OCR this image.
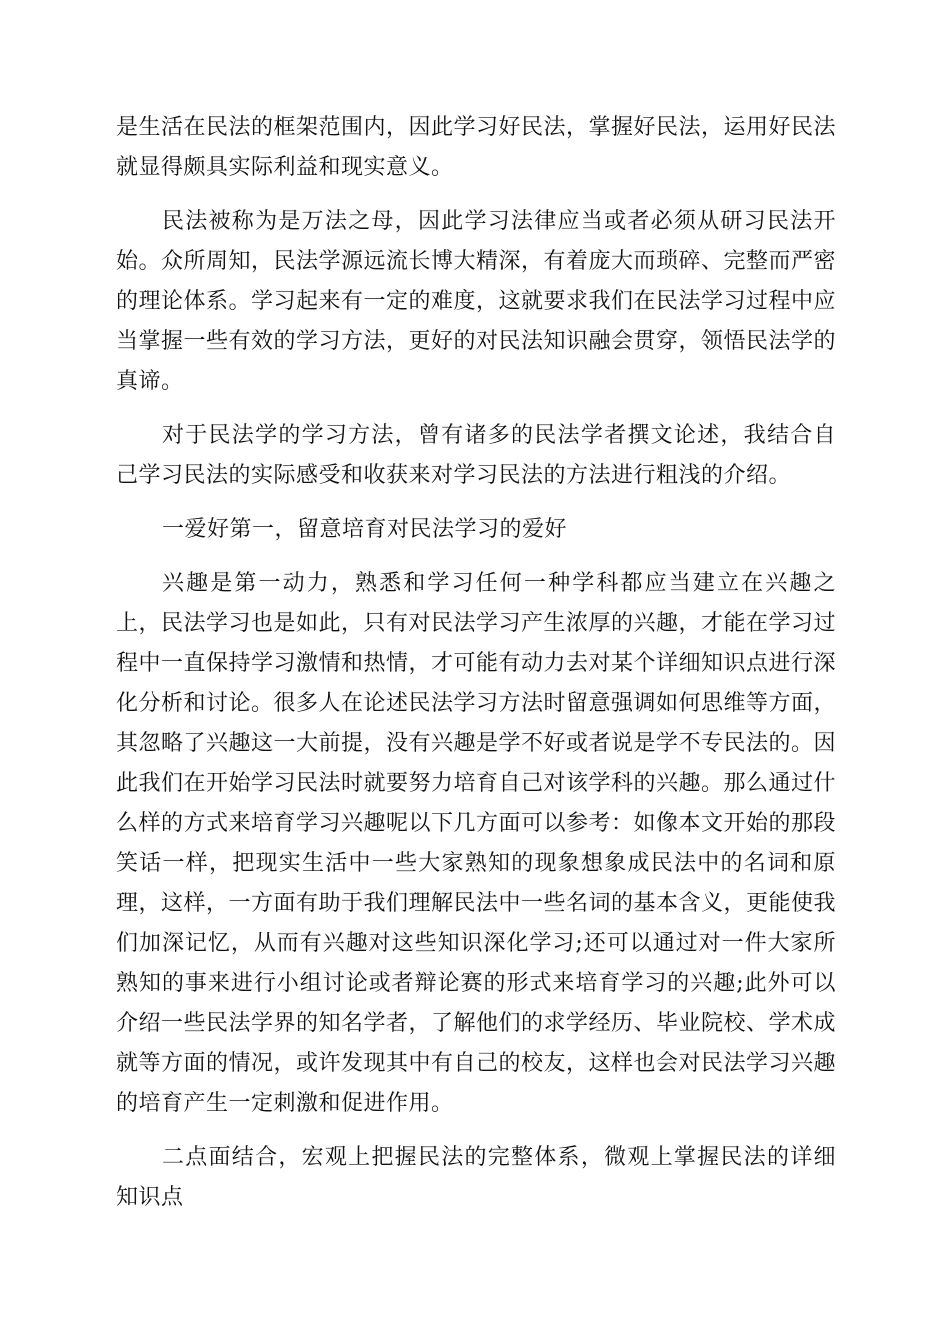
是生活在民法的框架范围内，因此学习好民法，掌握好民法，运用好民法就显得颇具实际利益和现实意义。

民法被称为是万法之母，因此学习法律应当或者必须从研习民法开始。众所周知，民法学源远流长博大精深，有着庞大而琐碎、完整而严密的理论体系。学习起来有一定的难度，这就要求我们在民法学习过程中应当掌握一些有效的学习方法，更好的对民法知识融会贯穿，领悟民法学的真谛。

对于民法学的学习方法，曾有诸多的民法学者撰文论述，我结合自己学习民法的实际感受和收获来对学习民法的方法进行粗浅的介绍。

一爱好第一，留意培育对民法学习的爱好

兴趣是第一动力，熟悉和学习任何一种学科都应当建立在兴趣之上，民法学习也是如此，只有对民法学习产生浓厚的兴趣，才能在学习过程中一直保持学习激情和热情，才可能有动力去对某个详细知识点进行深化分析和讨论。很多人在论述民法学习方法时留意强调如何思维等方面，其忽略了兴趣这一大前提，没有兴趣是学不好或者说是学不专民法的。因此我们在开始学习民法时就要努力培育自己对该学科的兴趣。那么通过什么样的方式来培育学习兴趣呢以下几方面可以参考：如像本文开始的那段笑话一样，把现实生活中一些大家熟知的现象想象成民法中的名词和原理，这样，一方面有助于我们理解民法中一些名词的基本含义，更能使我们加深记忆，从而有兴趣对这些知识深化学习;还可以通过对一件大家所熟知的事来进行小组讨论或者辩论赛的形式来培育学习的兴趣;此外可以介绍一些民法学界的知名学者，了解他们的求学经历、毕业院校、学术成就等方面的情况，或许发现其中有自己的校友，这样也会对民法学习兴趣的培育产生一定刺激和促进作用。

二点面结合，宏观上把握民法的完整体系，微观上掌握民法的详细知识点
